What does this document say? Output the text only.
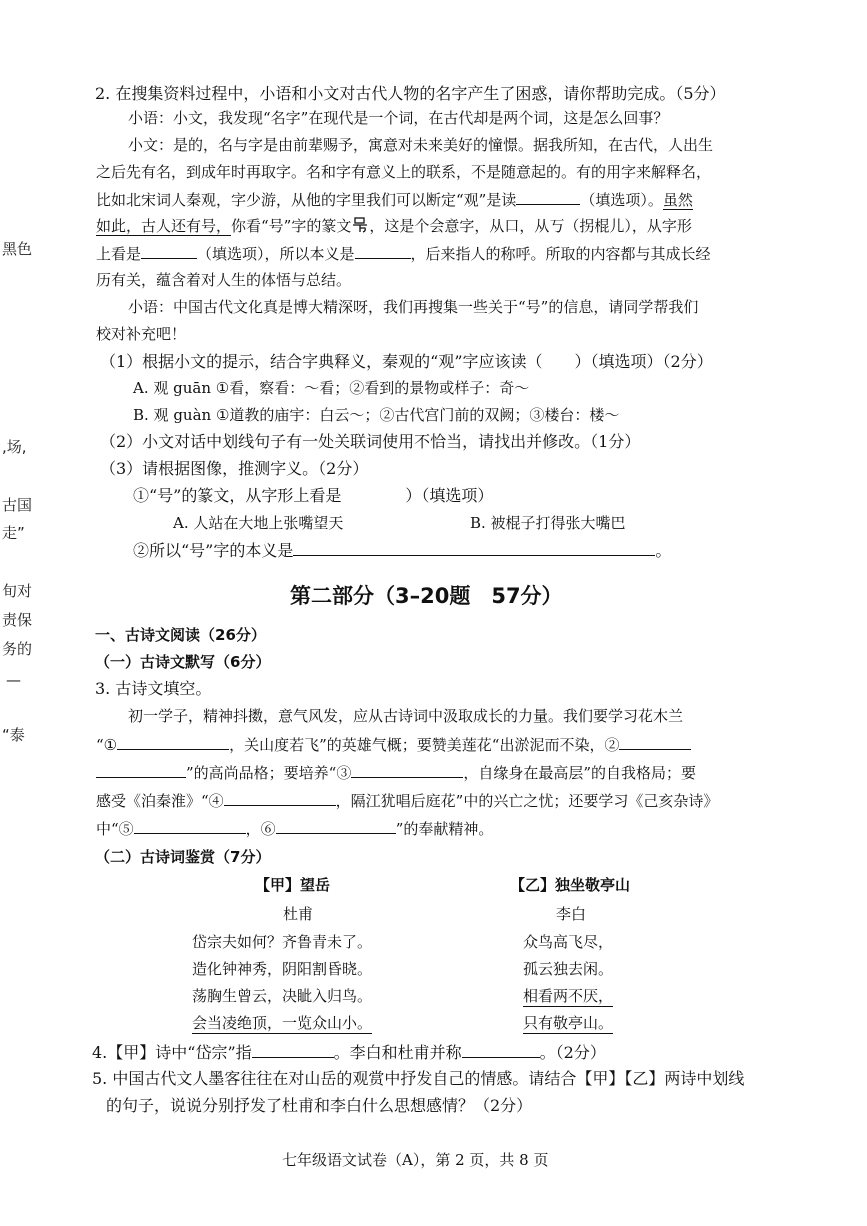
黑色
,场,
古国
走”
旬对
责保
务的
—
“泰
2. 在搜集资料过程中，小语和小文对古代人物的名字产生了困惑，请你帮助完成。（5分）
小语：小文，我发现“名字”在现代是一个词，在古代却是两个词，这是怎么回事？
小文：是的，名与字是由前辈赐予，寓意对未来美好的憧憬。据我所知，在古代，人出生
之后先有名，到成年时再取字。名和字有意义上的联系，不是随意起的。有的用字来解释名，
比如北宋词人秦观，字少游，从他的字里我们可以断定“观”是读	（填选项）。虽然
如此，古人还有号，你看“号”字的篆文 ，这是个会意字，从口，从丂（拐棍儿），从字形
上看是	（填选项），所以本义是	，后来指人的称呼。所取的内容都与其成长经
历有关，蕴含着对人生的体悟与总结。
小语：中国古代文化真是博大精深呀，我们再搜集一些关于“号”的信息，请同学帮我们
校对补充吧！
（1）根据小文的提示，结合字典释义，秦观的“观”字应该读（　　）（填选项）（2分）
A. 观 guān ①看，察看：～看；②看到的景物或样子：奇～
B. 观 guàn ①道教的庙宇：白云～；②古代宫门前的双阙；③楼台：楼～
（2）小文对话中划线句子有一处关联词使用不恰当，请找出并修改。（1分）
（3）请根据图像，推测字义。（2分）
①“号”的篆文，从字形上看是　　　　）（填选项）
A. 人站在大地上张嘴望天	B. 被棍子打得张大嘴巴
②所以“号”字的本义是	。
第二部分（3–20题　57分）
一、古诗文阅读（26分）
（一）古诗文默写（6分）
3. 古诗文填空。
初一学子，精神抖擞，意气风发，应从古诗词中汲取成长的力量。我们要学习花木兰
“①	，关山度若飞”的英雄气概；要赞美莲花“出淤泥而不染，②
”的高尚品格；要培养“③	，自缘身在最高层”的自我格局；要
感受《泊秦淮》“④	，隔江犹唱后庭花”中的兴亡之忧；还要学习《己亥杂诗》
中“⑤	，⑥	”的奉献精神。
（二）古诗词鉴赏（7分）
【甲】望岳
杜甫
岱宗夫如何？齐鲁青未了。
造化钟神秀，阴阳割昏晓。
荡胸生曾云，决眦入归鸟。
会当凌绝顶，一览众山小。
【乙】独坐敬亭山
李白
众鸟高飞尽，
孤云独去闲。
相看两不厌，
只有敬亭山。
4.【甲】诗中“岱宗”指	。李白和杜甫并称	。（2分）
5. 中国古代文人墨客往往在对山岳的观赏中抒发自己的情感。请结合【甲】【乙】两诗中划线
的句子，说说分别抒发了杜甫和李白什么思想感情？（2分）
七年级语文试卷（A），第 2 页，共 8 页
